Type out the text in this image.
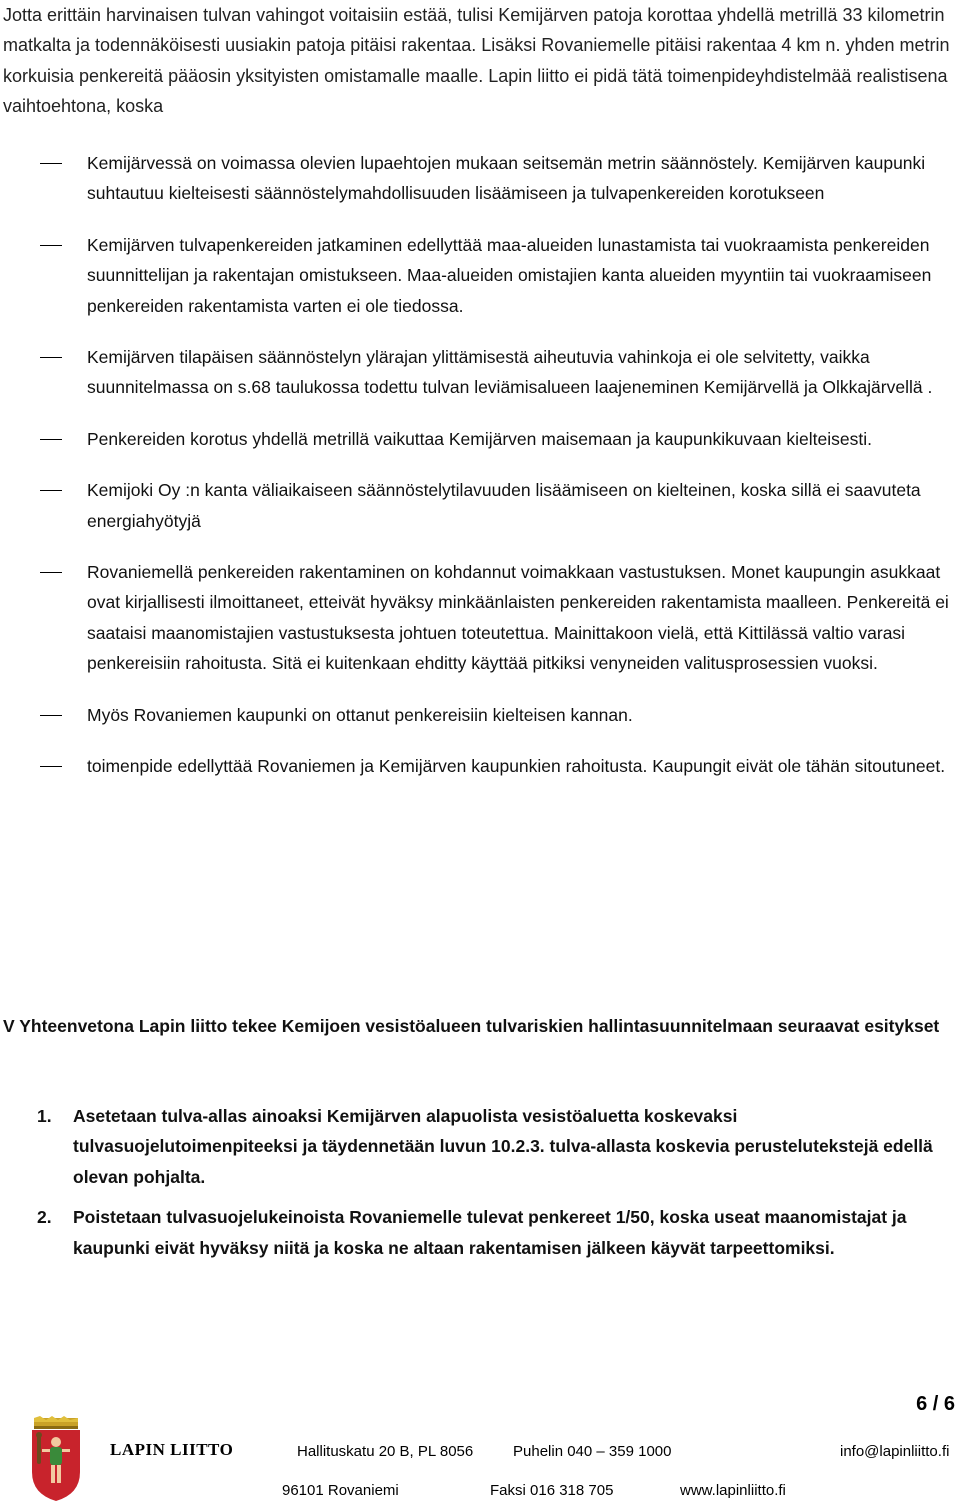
Jotta erittäin harvinaisen tulvan vahingot voitaisiin estää, tulisi Kemijärven patoja korottaa yhdellä metrillä 33 kilometrin matkalta ja todennäköisesti uusiakin patoja pitäisi rakentaa. Lisäksi Rovaniemelle pitäisi rakentaa 4 km n. yhden metrin korkuisia penkereitä pääosin yksityisten omistamalle maalle. Lapin liitto ei pidä tätä toimenpideyhdistelmää realistisena vaihtoehtona, koska

Kemijärvessä on voimassa olevien lupaehtojen mukaan seitsemän metrin säännöstely. Kemijärven kaupunki suhtautuu kielteisesti säännöstelymahdollisuuden lisäämiseen ja tulvapenkereiden korotukseen
Kemijärven tulvapenkereiden jatkaminen edellyttää maa-alueiden lunastamista tai vuokraamista penkereiden suunnittelijan ja rakentajan omistukseen. Maa-alueiden omistajien kanta alueiden myyntiin tai vuokraamiseen penkereiden rakentamista varten ei ole tiedossa.
Kemijärven tilapäisen säännöstelyn ylärajan ylittämisestä aiheutuvia vahinkoja ei ole selvitetty, vaikka suunnitelmassa on s.68 taulukossa todettu tulvan leviämisalueen laajeneminen Kemijärvellä ja Olkkajärvellä .
Penkereiden korotus yhdellä metrillä vaikuttaa Kemijärven maisemaan ja kaupunkikuvaan kielteisesti.
Kemijoki Oy :n kanta väliaikaiseen säännöstelytilavuuden lisäämiseen on kielteinen, koska sillä ei saavuteta energiahyötyjä
Rovaniemellä penkereiden rakentaminen on kohdannut voimakkaan vastustuksen. Monet kaupungin asukkaat ovat kirjallisesti ilmoittaneet, etteivät hyväksy minkäänlaisten penkereiden rakentamista maalleen. Penkereitä ei saataisi maanomistajien vastustuksesta johtuen toteutettua. Mainittakoon vielä, että Kittilässä valtio varasi penkereisiin rahoitusta. Sitä ei kuitenkaan ehditty käyttää pitkiksi venyneiden valitusprosessien vuoksi.
Myös Rovaniemen kaupunki on ottanut penkereisiin kielteisen kannan.
toimenpide edellyttää Rovaniemen ja Kemijärven kaupunkien rahoitusta. Kaupungit eivät ole tähän sitoutuneet.
V Yhteenvetona Lapin liitto tekee Kemijoen vesistöalueen tulvariskien hallintasuunnitelmaan seuraavat esitykset
1. Asetetaan tulva-allas ainoaksi Kemijärven alapuolista vesistöaluetta koskevaksi tulvasuojelutoimenpiteeksi ja täydennetään luvun 10.2.3. tulva-allasta koskevia perustelutekstejä edellä olevan pohjalta.
2. Poistetaan tulvasuojelukeinoista Rovaniemelle tulevat penkereet 1/50, koska useat maanomistajat ja kaupunki eivät hyväksy niitä ja koska ne altaan rakentamisen jälkeen käyvät tarpeettomiksi.
6 / 6
LAPIN LIITTO	Hallituskatu 20 B, PL 8056	Puhelin 040 – 359 1000	info@lapinliitto.fi
96101 Rovaniemi	Faksi 016 318 705	www.lapinliitto.fi
